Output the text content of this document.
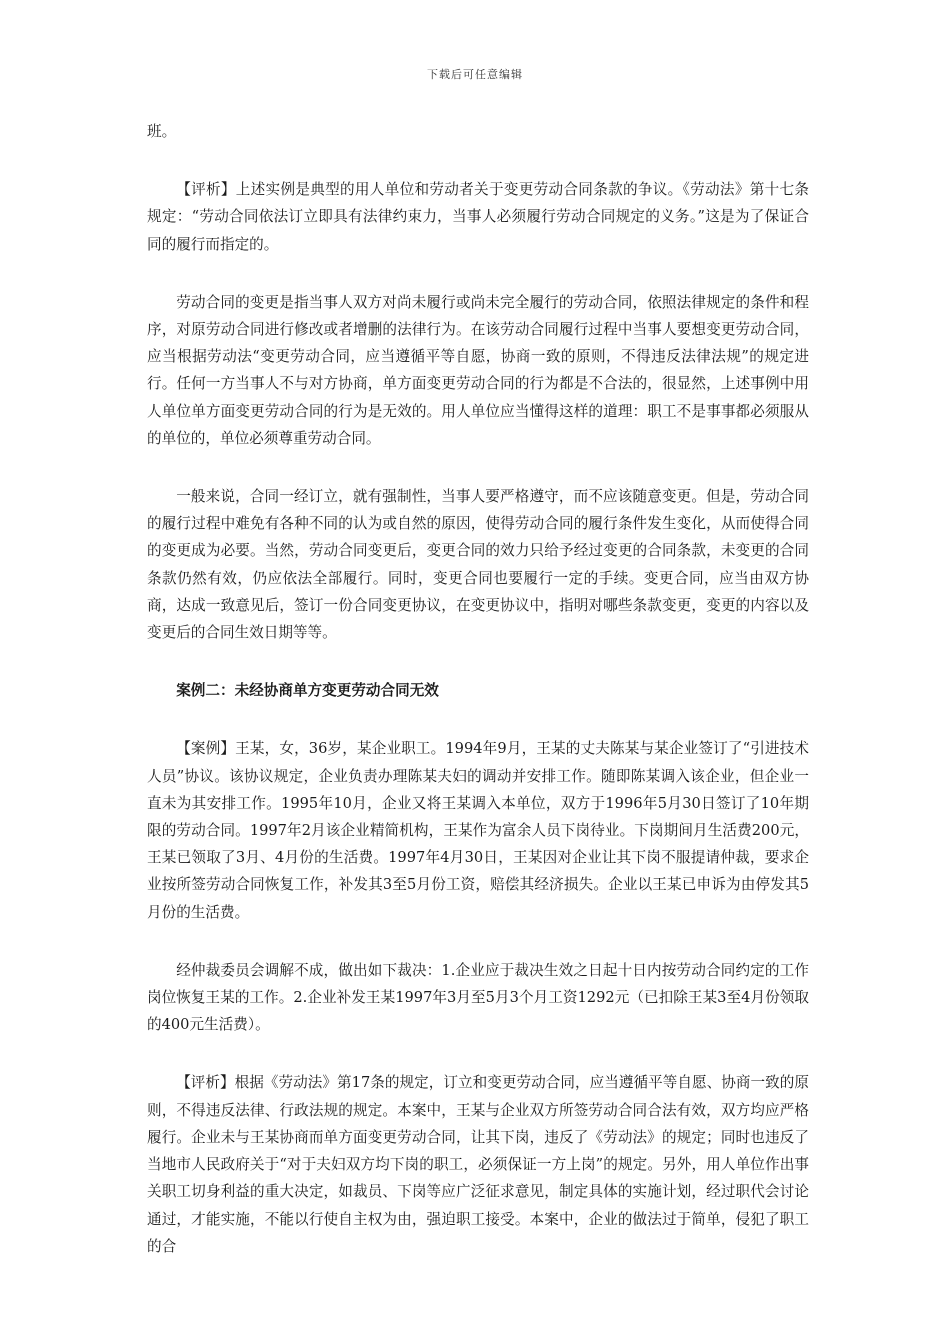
下载后可任意编辑

班。

【评析】上述实例是典型的用人单位和劳动者关于变更劳动合同条款的争议。《劳动法》第十七条规定：“劳动合同依法订立即具有法律约束力，当事人必须履行劳动合同规定的义务。”这是为了保证合同的履行而指定的。

劳动合同的变更是指当事人双方对尚未履行或尚未完全履行的劳动合同，依照法律规定的条件和程序，对原劳动合同进行修改或者增删的法律行为。在该劳动合同履行过程中当事人要想变更劳动合同，应当根据劳动法“变更劳动合同，应当遵循平等自愿，协商一致的原则，不得违反法律法规”的规定进行。任何一方当事人不与对方协商，单方面变更劳动合同的行为都是不合法的，很显然，上述事例中用人单位单方面变更劳动合同的行为是无效的。用人单位应当懂得这样的道理：职工不是事事都必须服从的单位的，单位必须尊重劳动合同。

一般来说，合同一经订立，就有强制性，当事人要严格遵守，而不应该随意变更。但是，劳动合同的履行过程中难免有各种不同的认为或自然的原因，使得劳动合同的履行条件发生变化，从而使得合同的变更成为必要。当然，劳动合同变更后，变更合同的效力只给予经过变更的合同条款，未变更的合同条款仍然有效，仍应依法全部履行。同时，变更合同也要履行一定的手续。变更合同，应当由双方协商，达成一致意见后，签订一份合同变更协议，在变更协议中，指明对哪些条款变更，变更的内容以及变更后的合同生效日期等等。

案例二：未经协商单方变更劳动合同无效

【案例】王某，女，36岁，某企业职工。1994年9月，王某的丈夫陈某与某企业签订了“引进技术人员”协议。该协议规定，企业负责办理陈某夫妇的调动并安排工作。随即陈某调入该企业，但企业一直未为其安排工作。1995年10月，企业又将王某调入本单位，双方于1996年5月30日签订了10年期限的劳动合同。1997年2月该企业精简机构，王某作为富余人员下岗待业。下岗期间月生活费200元，王某已领取了3月、4月份的生活费。1997年4月30日，王某因对企业让其下岗不服提请仲裁，要求企业按所签劳动合同恢复工作，补发其3至5月份工资，赔偿其经济损失。企业以王某已申诉为由停发其5月份的生活费。

经仲裁委员会调解不成，做出如下裁决：1.企业应于裁决生效之日起十日内按劳动合同约定的工作岗位恢复王某的工作。2.企业补发王某1997年3月至5月3个月工资1292元（已扣除王某3至4月份领取的400元生活费）。

【评析】根据《劳动法》第17条的规定，订立和变更劳动合同，应当遵循平等自愿、协商一致的原则，不得违反法律、行政法规的规定。本案中，王某与企业双方所签劳动合同合法有效，双方均应严格履行。企业未与王某协商而单方面变更劳动合同，让其下岗，违反了《劳动法》的规定；同时也违反了当地市人民政府关于“对于夫妇双方均下岗的职工，必须保证一方上岗”的规定。另外，用人单位作出事关职工切身利益的重大决定，如裁员、下岗等应广泛征求意见，制定具体的实施计划，经过职代会讨论通过，才能实施，不能以行使自主权为由，强迫职工接受。本案中，企业的做法过于简单，侵犯了职工的合
